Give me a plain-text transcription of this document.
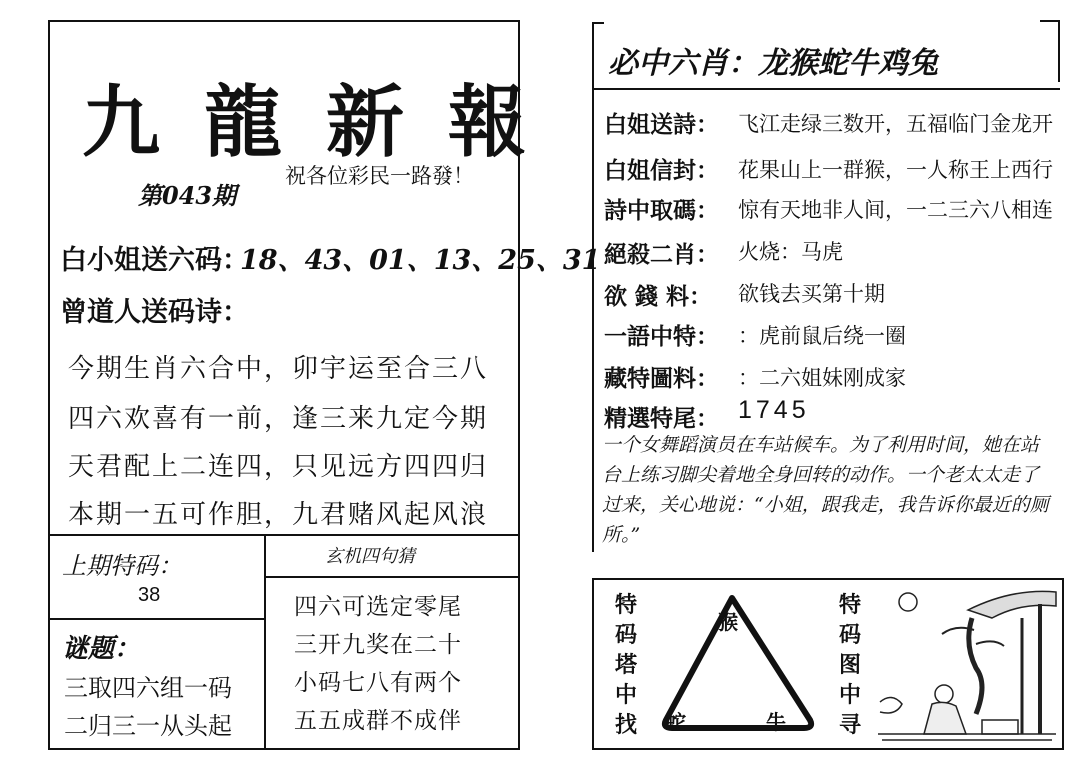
九龍新報
第043期
祝各位彩民一路發！
白小姐送六码：
18、43、01、13、25、31
曾道人送码诗：
今期生肖六合中，卯宇运至合三八
四六欢喜有一前，逢三来九定今期
天君配上二连四，只见远方四四归
本期一五可作胆，九君赌风起风浪
上期特码：
38
谜题：
三取四六组一码
二归三一从头起
玄机四句猜
四六可选定零尾
三开九奖在二十
小码七八有两个
五五成群不成伴
必中六肖：龙猴蛇牛鸡兔
白姐送詩： 飞江走绿三数开，五福临门金龙开
白姐信封： 花果山上一群猴，一人称王上西行
詩中取碼： 惊有天地非人间，一二三六八相连
絕殺二肖： 火烧：马虎
欲 錢 料： 欲钱去买第十期
一語中特： ：虎前鼠后绕一圈
藏特圖料： ：二六姐妹刚成家
精選特尾： 1745
一个女舞蹈演员在车站候车。为了利用时间，她在站台上练习脚尖着地全身回转的动作。一个老太太走了过来，关心地说：“小姐，跟我走，我告诉你最近的厕所。”
特
码
塔
中
找
特
码
图
中
寻
猴
蛇	牛
